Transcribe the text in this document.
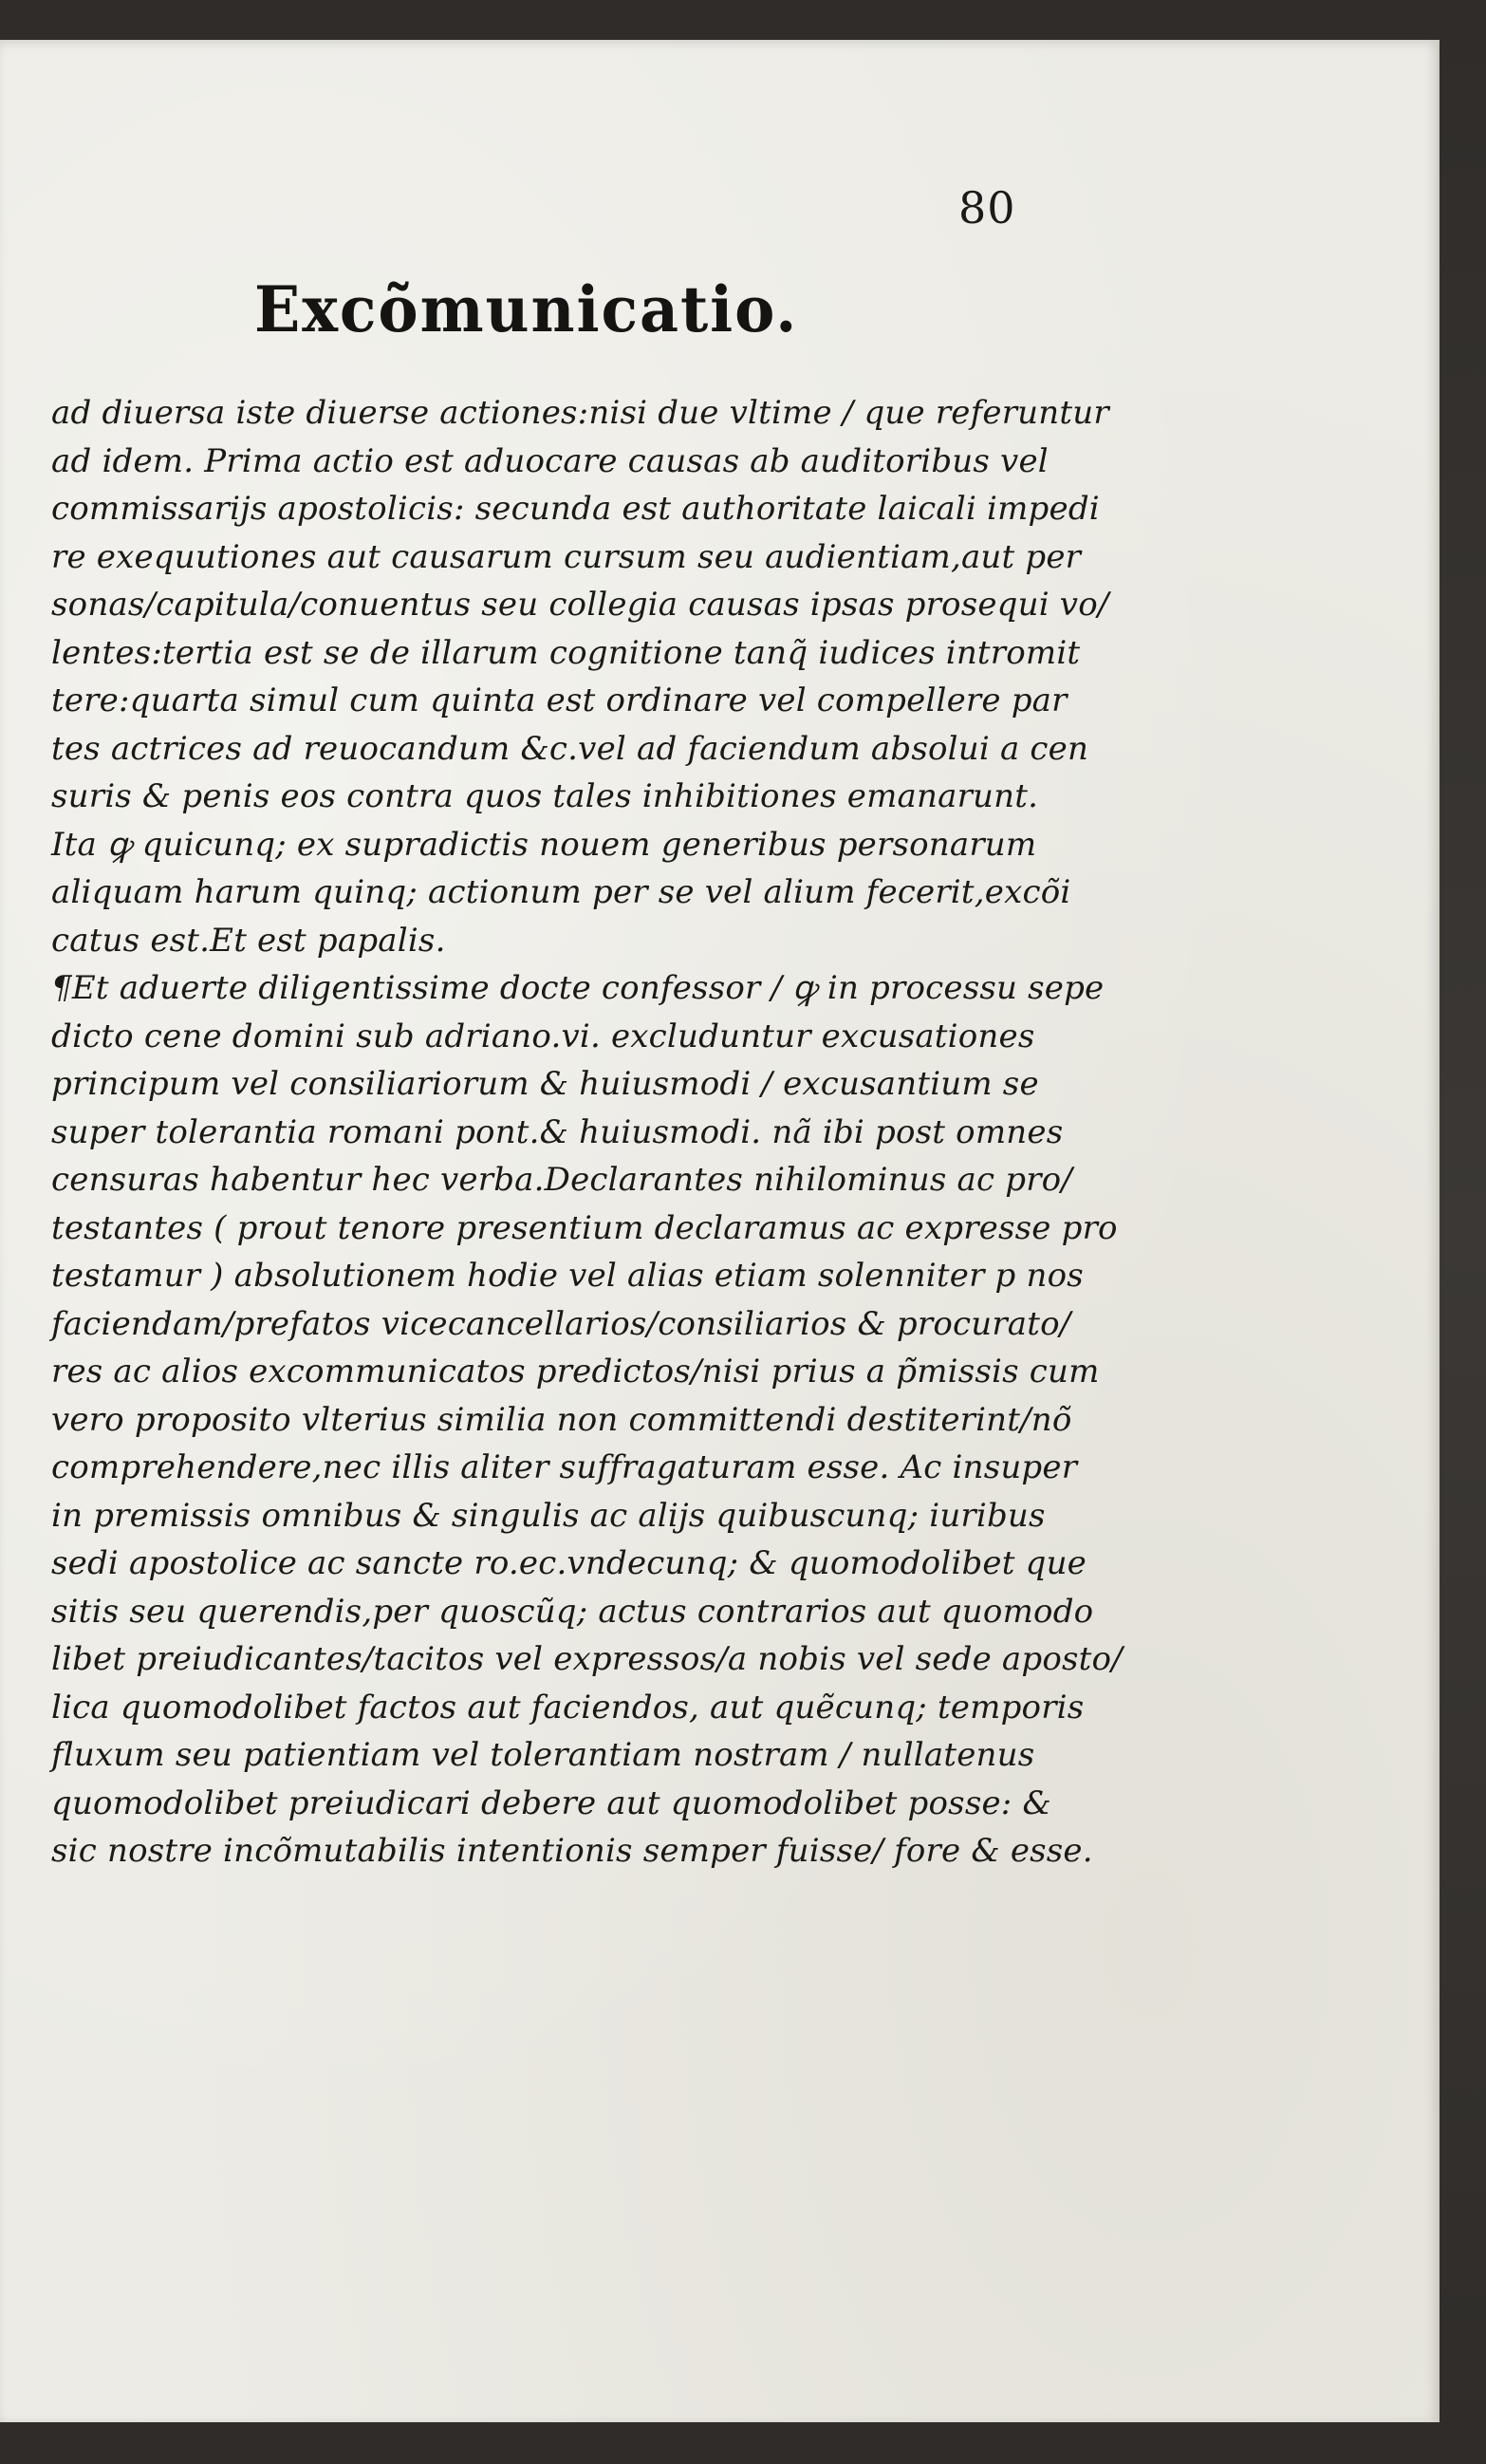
80
Excõmunicatio.
ad diuersa iste diuerse actiones:nisi due vltime / que referuntur
ad idem. Prima actio est aduocare causas ab auditoribus vel
commissarijs apostolicis: secunda est authoritate laicali impedi
re exequutiones aut causarum cursum seu audientiam,aut per
sonas/capitula/conuentus seu collegia causas ipsas prosequi vo/
lentes:tertia est se de illarum cognitione tanq̃ iudices intromit
tere:quarta simul cum quinta est ordinare vel compellere par
tes actrices ad reuocandum &c.vel ad faciendum absolui a cen
suris & penis eos contra quos tales inhibitiones emanarunt.
Ita ꝙ quicunq; ex supradictis nouem generibus personarum
aliquam harum quinq; actionum per se vel alium fecerit,excõi
catus est.Et est papalis.
¶Et aduerte diligentissime docte confessor / ꝙ in processu sepe
dicto cene domini sub adriano.vi. excluduntur excusationes
principum vel consiliariorum & huiusmodi / excusantium se
super tolerantia romani pont.& huiusmodi. nã ibi post omnes
censuras habentur hec verba.Declarantes nihilominus ac pro/
testantes ( prout tenore presentium declaramus ac expresse pro
testamur ) absolutionem hodie vel alias etiam solenniter p nos
faciendam/prefatos vicecancellarios/consiliarios & procurato/
res ac alios excommunicatos predictos/nisi prius a p̃missis cum
vero proposito vlterius similia non committendi destiterint/nõ
comprehendere,nec illis aliter suffragaturam esse. Ac insuper
in premissis omnibus & singulis ac alijs quibuscunq; iuribus
sedi apostolice ac sancte ro.ec.vndecunq; & quomodolibet que
sitis seu querendis,per quoscũq; actus contrarios aut quomodo
libet preiudicantes/tacitos vel expressos/a nobis vel sede aposto/
lica quomodolibet factos aut faciendos, aut quẽcunq; temporis
fluxum seu patientiam vel tolerantiam nostram / nullatenus
quomodolibet preiudicari debere aut quomodolibet posse: &
sic nostre incõmutabilis intentionis semper fuisse/ fore & esse.
